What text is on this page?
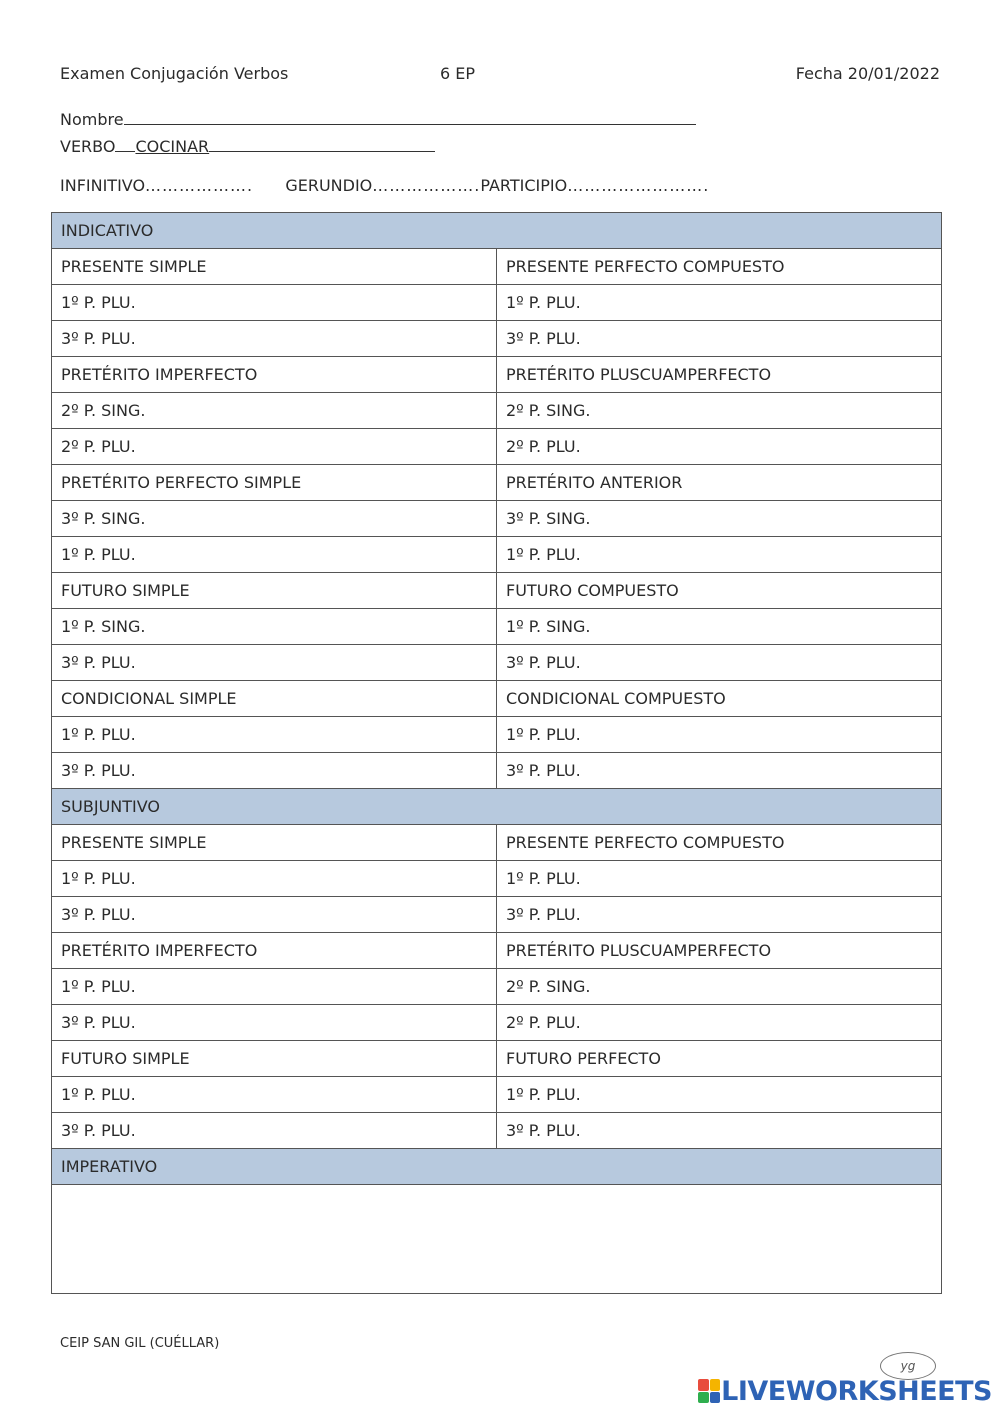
Examen Conjugación Verbos	6 EP	Fecha 20/01/2022
Nombre
VERBO COCINAR
INFINITIVO………………. GERUNDIO……………….PARTICIPIO…………………….
INDICATIVO	
PRESENTE SIMPLE	PRESENTE PERFECTO COMPUESTO
1º P. PLU.	1º P. PLU.
3º P. PLU.	3º P. PLU.
PRETÉRITO IMPERFECTO	PRETÉRITO PLUSCUAMPERFECTO
2º P. SING.	2º P. SING.
2º P. PLU.	2º P. PLU.
PRETÉRITO PERFECTO SIMPLE	PRETÉRITO ANTERIOR
3º P. SING.	3º P. SING.
1º P. PLU.	1º P. PLU.
FUTURO SIMPLE	FUTURO COMPUESTO
1º P. SING.	1º P. SING.
3º P. PLU.	3º P. PLU.
CONDICIONAL SIMPLE	CONDICIONAL COMPUESTO
1º P. PLU.	1º P. PLU.
3º P. PLU.	3º P. PLU.
SUBJUNTIVO	
PRESENTE SIMPLE	PRESENTE PERFECTO COMPUESTO
1º P. PLU.	1º P. PLU.
3º P. PLU.	3º P. PLU.
PRETÉRITO IMPERFECTO	PRETÉRITO PLUSCUAMPERFECTO
1º P. PLU.	2º P. SING.
3º P. PLU.	2º P. PLU.
FUTURO SIMPLE	FUTURO PERFECTO
1º P. PLU.	1º P. PLU.
3º P. PLU.	3º P. PLU.
IMPERATIVO	

CEIP SAN GIL (CUÉLLAR)
yg
LIVEWORKSHEETS
